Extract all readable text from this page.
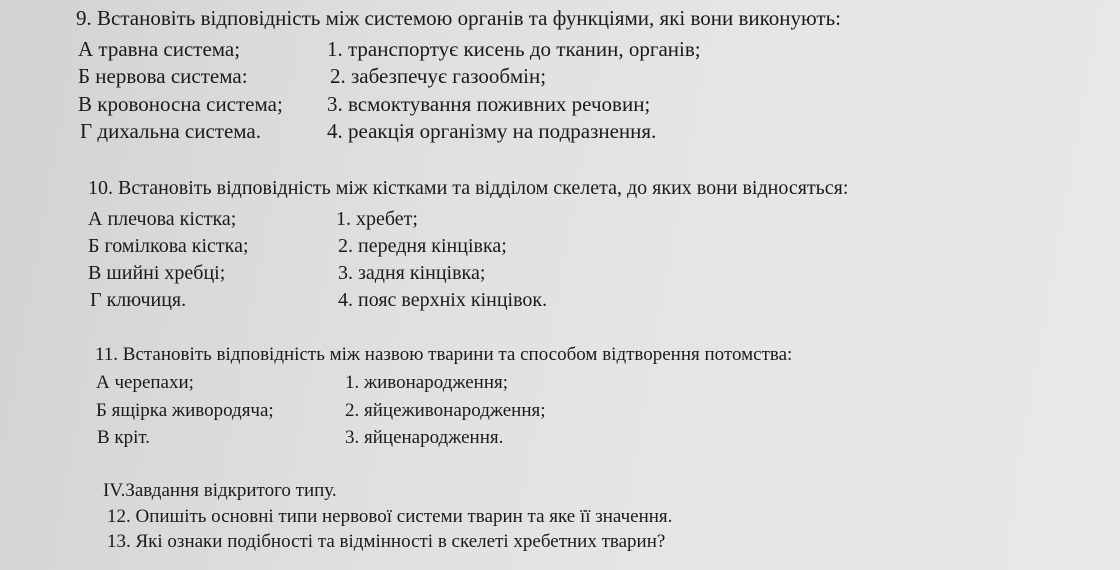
9. Встановіть відповідність між системою органів та функціями, які вони виконують:
А травна система;	1. транспортує кисень до тканин, органів;
Б нервова система:	2. забезпечує газообмін;
В кровоносна система; 3. всмоктування поживних речовин;
Г дихальна система.	4. реакція організму на подразнення.
10. Встановіть відповідність між кістками та відділом скелета, до яких вони відносяться:
А плечова кістка;	1. хребет;
Б гомілкова кістка;	2. передня кінцівка;
В шийні хребці;	3. задня кінцівка;
Г ключиця.	4. пояс верхніх кінцівок.
11. Встановіть відповідність між назвою тварини та способом відтворення потомства:
А черепахи;	1. живонародження;
Б ящірка живородяча;	2. яйцеживонародження;
В кріт.	3. яйценародження.
IV.Завдання відкритого типу.
12. Опишіть основні типи нервової системи тварин та яке її значення.
13. Які ознаки подібності та відмінності в скелеті хребетних тварин?
